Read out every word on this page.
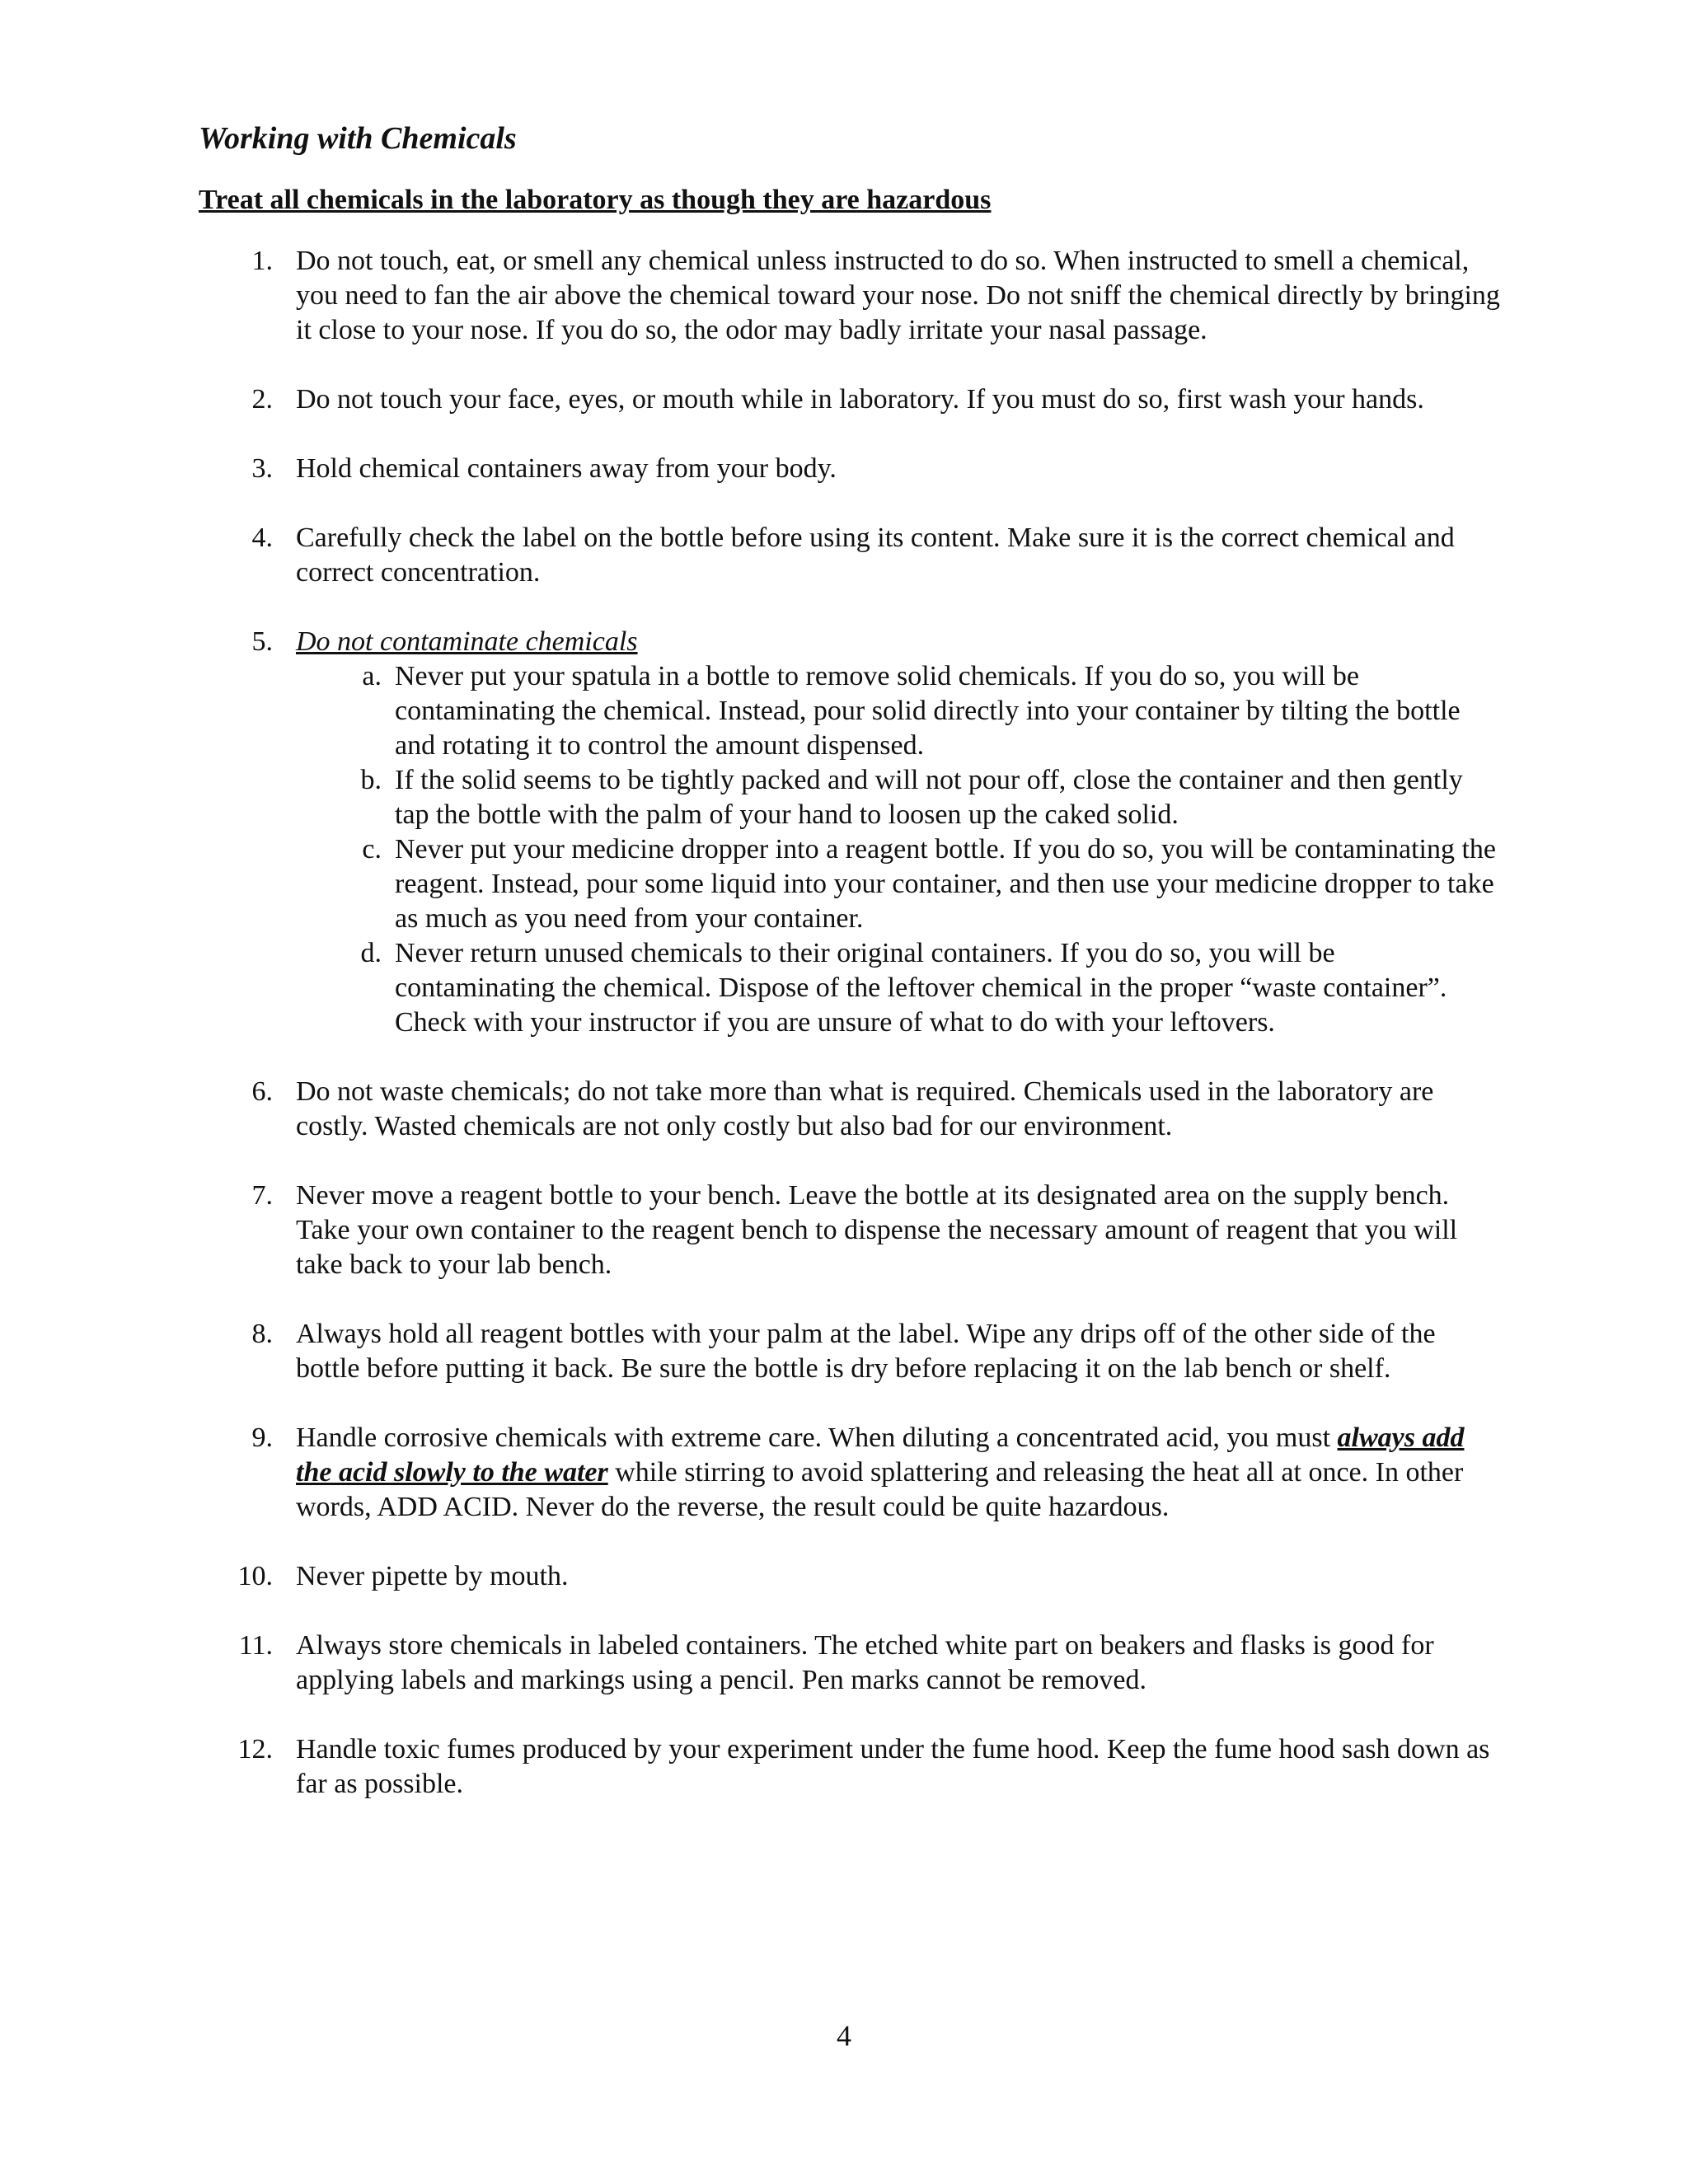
Working with Chemicals
Treat all chemicals in the laboratory as though they are hazardous
1. Do not touch, eat, or smell any chemical unless instructed to do so. When instructed to smell a chemical, you need to fan the air above the chemical toward your nose. Do not sniff the chemical directly by bringing it close to your nose. If you do so, the odor may badly irritate your nasal passage.
2. Do not touch your face, eyes, or mouth while in laboratory. If you must do so, first wash your hands.
3. Hold chemical containers away from your body.
4. Carefully check the label on the bottle before using its content. Make sure it is the correct chemical and correct concentration.
5. Do not contaminate chemicals
a. Never put your spatula in a bottle to remove solid chemicals. If you do so, you will be contaminating the chemical. Instead, pour solid directly into your container by tilting the bottle and rotating it to control the amount dispensed.
b. If the solid seems to be tightly packed and will not pour off, close the container and then gently tap the bottle with the palm of your hand to loosen up the caked solid.
c. Never put your medicine dropper into a reagent bottle. If you do so, you will be contaminating the reagent. Instead, pour some liquid into your container, and then use your medicine dropper to take as much as you need from your container.
d. Never return unused chemicals to their original containers. If you do so, you will be contaminating the chemical. Dispose of the leftover chemical in the proper “waste container”. Check with your instructor if you are unsure of what to do with your leftovers.
6. Do not waste chemicals; do not take more than what is required. Chemicals used in the laboratory are costly. Wasted chemicals are not only costly but also bad for our environment.
7. Never move a reagent bottle to your bench. Leave the bottle at its designated area on the supply bench. Take your own container to the reagent bench to dispense the necessary amount of reagent that you will take back to your lab bench.
8. Always hold all reagent bottles with your palm at the label. Wipe any drips off of the other side of the bottle before putting it back. Be sure the bottle is dry before replacing it on the lab bench or shelf.
9. Handle corrosive chemicals with extreme care. When diluting a concentrated acid, you must always add the acid slowly to the water while stirring to avoid splattering and releasing the heat all at once. In other words, ADD ACID. Never do the reverse, the result could be quite hazardous.
10. Never pipette by mouth.
11. Always store chemicals in labeled containers. The etched white part on beakers and flasks is good for applying labels and markings using a pencil. Pen marks cannot be removed.
12. Handle toxic fumes produced by your experiment under the fume hood. Keep the fume hood sash down as far as possible.
4
